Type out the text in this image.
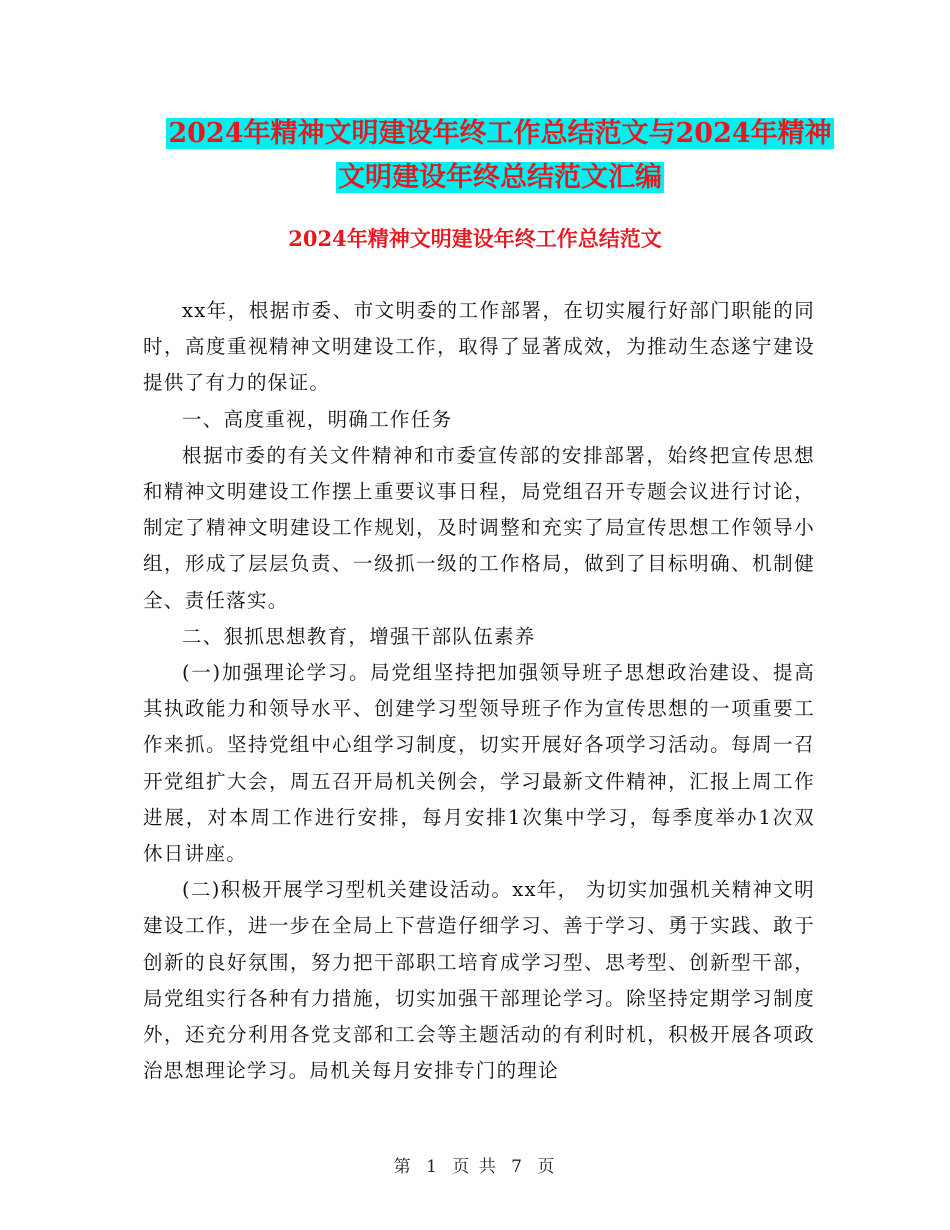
2024年精神文明建设年终工作总结范文与2024年精神
文明建设年终总结范文汇编
2024年精神文明建设年终工作总结范文

xx年，根据市委、市文明委的工作部署，在切实履行好部门职能的同时，高度重视精神文明建设工作，取得了显著成效，为推动生态遂宁建设提供了有力的保证。

一、高度重视，明确工作任务

根据市委的有关文件精神和市委宣传部的安排部署，始终把宣传思想和精神文明建设工作摆上重要议事日程，局党组召开专题会议进行讨论，制定了精神文明建设工作规划，及时调整和充实了局宣传思想工作领导小组，形成了层层负责、一级抓一级的工作格局，做到了目标明确、机制健全、责任落实。

二、狠抓思想教育，增强干部队伍素养

(一)加强理论学习。局党组坚持把加强领导班子思想政治建设、提高其执政能力和领导水平、创建学习型领导班子作为宣传思想的一项重要工作来抓。坚持党组中心组学习制度，切实开展好各项学习活动。每周一召开党组扩大会，周五召开局机关例会，学习最新文件精神，汇报上周工作进展，对本周工作进行安排，每月安排1次集中学习，每季度举办1次双休日讲座。

(二)积极开展学习型机关建设活动。xx年， 为切实加强机关精神文明建设工作，进一步在全局上下营造仔细学习、善于学习、勇于实践、敢于创新的良好氛围，努力把干部职工培育成学习型、思考型、创新型干部，局党组实行各种有力措施，切实加强干部理论学习。除坚持定期学习制度外，还充分利用各党支部和工会等主题活动的有利时机，积极开展各项政治思想理论学习。局机关每月安排专门的理论

第 1 页 共 7 页
